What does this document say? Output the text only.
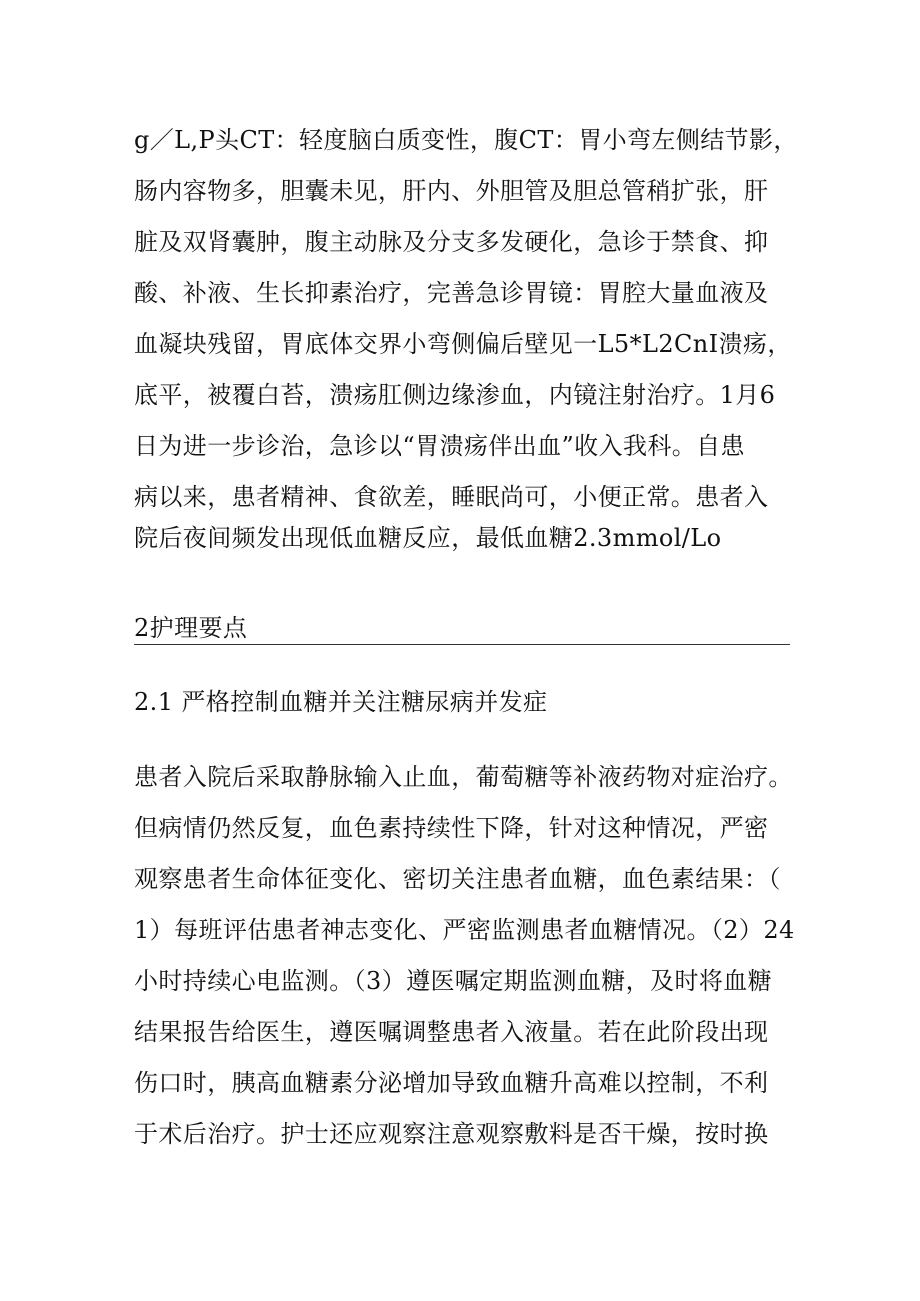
g／L,P头CT：轻度脑白质变性，腹CT：胃小弯左侧结节影，
肠内容物多，胆囊未见，肝内、外胆管及胆总管稍扩张，肝
脏及双肾囊肿，腹主动脉及分支多发硬化，急诊于禁食、抑
酸、补液、生长抑素治疗，完善急诊胃镜：胃腔大量血液及
血凝块残留，胃底体交界小弯侧偏后壁见一L5*L2CnI溃疡，
底平，被覆白苔，溃疡肛侧边缘渗血，内镜注射治疗。1月6
日为进一步诊治，急诊以“胃溃疡伴出血”收入我科。自患
病以来，患者精神、食欲差，睡眠尚可，小便正常。患者入
院后夜间频发出现低血糖反应，最低血糖2.3mmol/Lo
2护理要点
2.1 严格控制血糖并关注糖尿病并发症
患者入院后采取静脉输入止血，葡萄糖等补液药物对症治疗。
但病情仍然反复，血色素持续性下降，针对这种情况，严密
观察患者生命体征变化、密切关注患者血糖，血色素结果：（
1）每班评估患者神志变化、严密监测患者血糖情况。（2）24
小时持续心电监测。（3）遵医嘱定期监测血糖，及时将血糖
结果报告给医生，遵医嘱调整患者入液量。若在此阶段出现
伤口时，胰高血糖素分泌增加导致血糖升高难以控制，不利
于术后治疗。护士还应观察注意观察敷料是否干燥，按时换
